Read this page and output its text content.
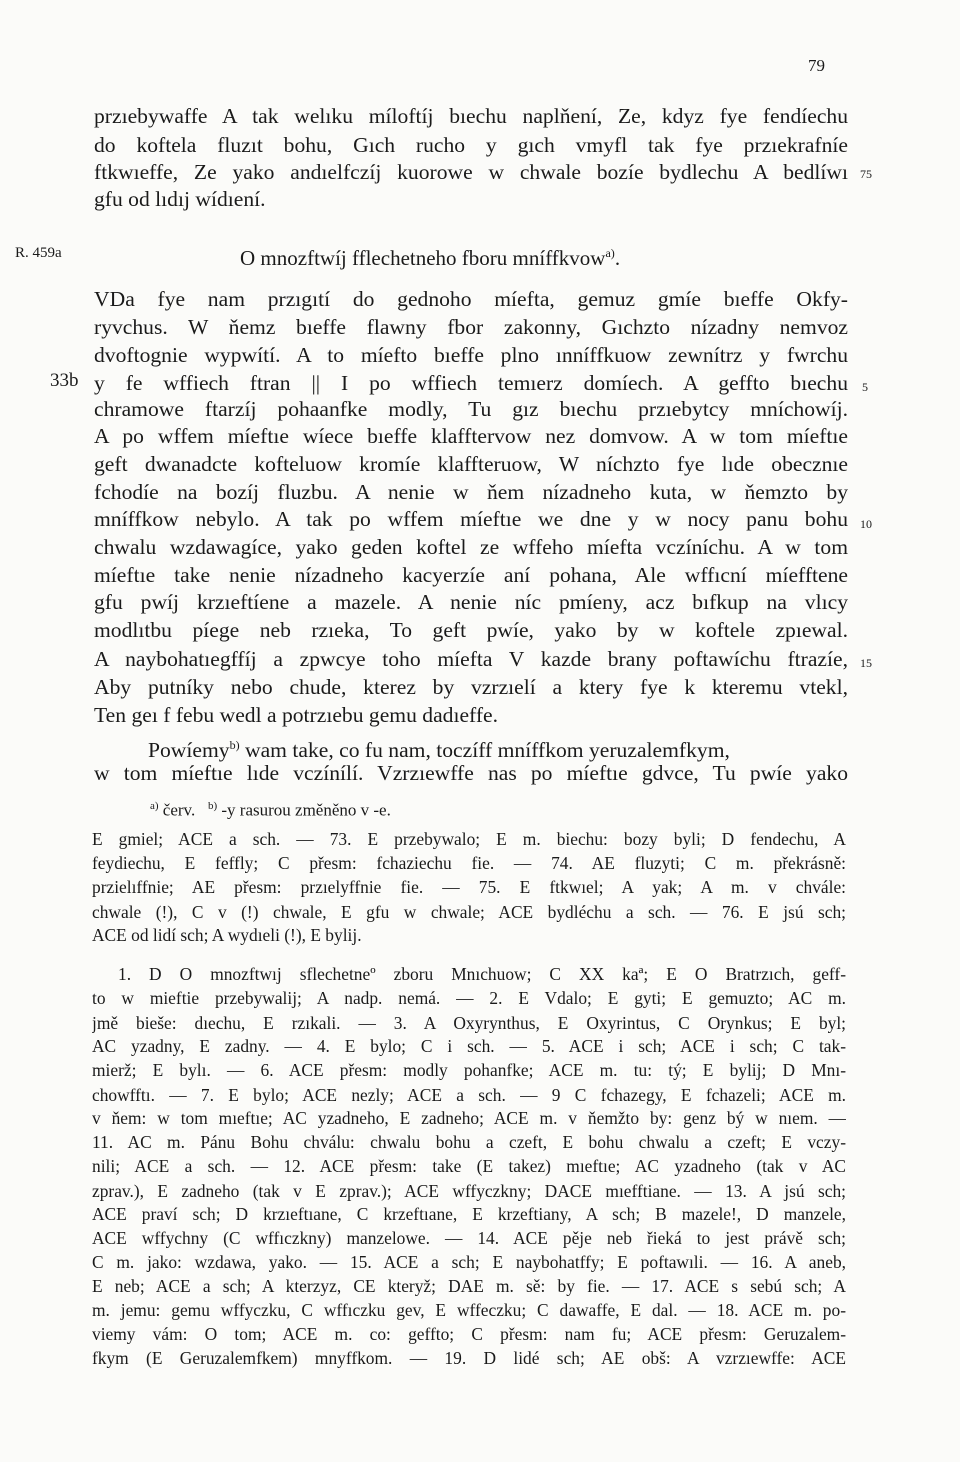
79
przıebywaffe A tak welıku míloftíj bıechu naplňení, Ze, kdyz fye fendíechu
do koftela fluzıt bohu, Gıch rucho y gıch vmyfl tak fye przıekrafníe
ftkwıeffe, Ze yako andıelfczíj kuorowe w chwale bozíe bydlechu A bedlíwı
gfu od lıdıj wídıení.
75
R. 459a	O mnozftwíj fflechetneho fboru mníffkvow$^{a)}$.
VDa fye nam przıgıtí do gednoho míefta, gemuz gmíe bıeffe Okfy-
ryvchus. W ňemz bıeffe flawny fbor zakonny, Gıchzto nízadny nemvoz
dvoftognie wypwítí. A to míefto bıeffe plno ınníffkuow zewnítrz y fwrchu
33b y fe wffiech ftran || I po wffiech temıerz domíech. A geffto bıechu 5
chramowe ftarzíj pohaanfke modly, Tu gız bıechu przıebytcy mníchowíj.
A po wffem míeftıe wíece bıeffe klafftervow nez domvow. A w tom míeftıe
geft dwanadcte kofteluow kromíe klaffteruow, W níchzto fye lıde obecznıe
fchodíe na bozíj fluzbu. A nenie w ňem nízadneho kuta, w ňemzto by
mníffkow nebylo. A tak po wffem míeftıe we dne y w nocy panu bohu 10
chwalu wzdawagíce, yako geden koftel ze wffeho míefta vczíníchu. A w tom
míeftıe take nenie nízadneho kacyerzíe aní pohana, Ale wffıcní míefftene
gfu pwíj krzıeftíene a mazele. A nenie níc pmíeny, acz bıfkup na vlıcy
modlıtbu píege neb rzıeka, To geft pwíe, yako by w koftele zpıewal.
A naybohatıegffíj a zpwcye toho míefta V kazde brany poftawíchu ftrazíe, 15
Aby putníky nebo chude, kterez by vzrzıelí a ktery fye k kteremu vtekl,
Ten geı f febu wedl a potrzıebu gemu dadıeffe.
Powíemy$^{b)}$ wam take, co fu nam, toczíff mníffkom yeruzalemfkym,
w tom míeftıe lıde vczínílí. Vzrzıewffe nas po míeftıe gdvce, Tu pwíe yako
$^{a)}$ červ. $^{b)}$ -y rasurou změněno v -e.
E gmiel; ACE a sch. — 73. E przebywalo; E m. biechu: bozy byli; D fendechu, A
feydiechu, E feffly; C přesm: fchaziechu fie. — 74. AE fluzyti; C m. překrásně:
przielıffnie; AE přesm: przıelyffnie fie. — 75. E ftkwıel; A yak; A m. v chvále:
chwale (!), C v (!) chwale, E gfu w chwale; ACE bydléchu a sch. — 76. E jsú sch;
ACE od lidí sch; A wydıeli (!), E bylij.
1. D O mnozftwıj sflechetneº zboru Mnıchuow; C XX kaª; E O Bratrzıch, geff-
to w mieftie przebywalij; A nadp. nemá. — 2. E Vdalo; E gyti; E gemuzto; AC m.
jmě bieše: dıechu, E rzıkali. — 3. A Oxyrynthus, E Oxyrintus, C Orynkus; E byl;
AC yzadny, E zadny. — 4. E bylo; C i sch. — 5. ACE i sch; ACE i sch; C tak-
mierž; E bylı. — 6. ACE přesm: modly pohanfke; ACE m. tu: tý; E bylij; D Mnı-
chowfftı. — 7. E bylo; ACE nezly; ACE a sch. — 9 C fchazegy, E fchazeli; ACE m.
v ňem: w tom mıeftıe; AC yzadneho, E zadneho; ACE m. v ňemžto by: genz bý w nıem. —
11. AC m. Pánu Bohu chválu: chwalu bohu a czeft, E bohu chwalu a czeft; E vczy-
nili; ACE a sch. — 12. ACE přesm: take (E takez) mıeftıe; AC yzadneho (tak v AC
zprav.), E zadneho (tak v E zprav.); ACE wffyczkny; DACE mıefftiane. — 13. A jsú sch;
ACE praví sch; D krzıeftıane, C krzeftıane, E krzeftiany, A sch; B mazele!, D manzele,
ACE wffychny (C wffıczkny) manzelowe. — 14. ACE pěje neb řieká to jest právě sch;
C m. jako: wzdawa, yako. — 15. ACE a sch; E naybohatffy; E poftawıli. — 16. A aneb,
E neb; ACE a sch; A kterzyz, CE kteryž; DAE m. sě: by fie. — 17. ACE s sebú sch; A
m. jemu: gemu wffyczku, C wffıczku gev, E wffeczku; C dawaffe, E dal. — 18. ACE m. po-
viemy vám: O tom; ACE m. co: geffto; C přesm: nam fu; ACE přesm: Geruzalem-
fkym (E Geruzalemfkem) mnyffkom. — 19. D lidé sch; AE obš: A vzrzıewffe: ACE
